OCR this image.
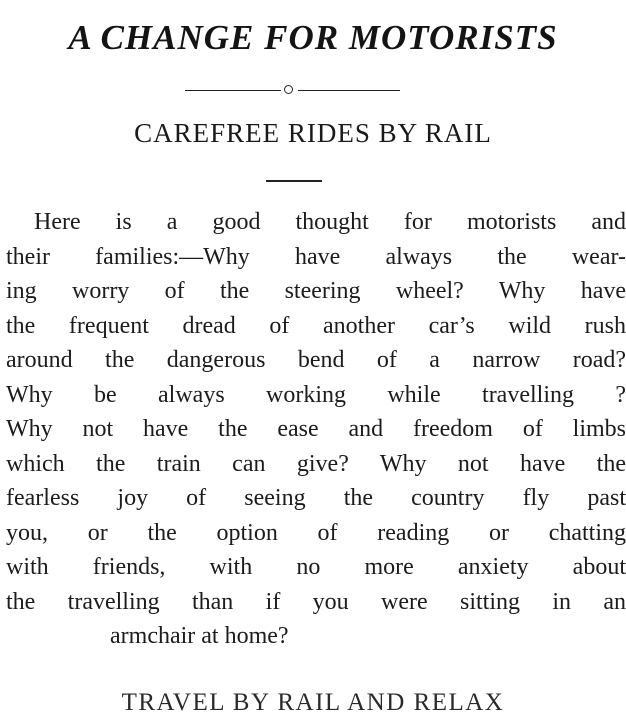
A CHANGE FOR MOTORISTS
CAREFREE RIDES BY RAIL
Here is a good thought for motorists and
their families:—Why have always the wear-
ing worry of the steering wheel? Why have
the frequent dread of another car’s wild rush
around the dangerous bend of a narrow road?
Why be always working while travelling ?
Why not have the ease and freedom of limbs
which the train can give? Why not have the
fearless joy of seeing the country fly past
you, or the option of reading or chatting
with friends, with no more anxiety about
the travelling than if you were sitting in an
armchair at home?
TRAVEL BY RAIL AND RELAX
